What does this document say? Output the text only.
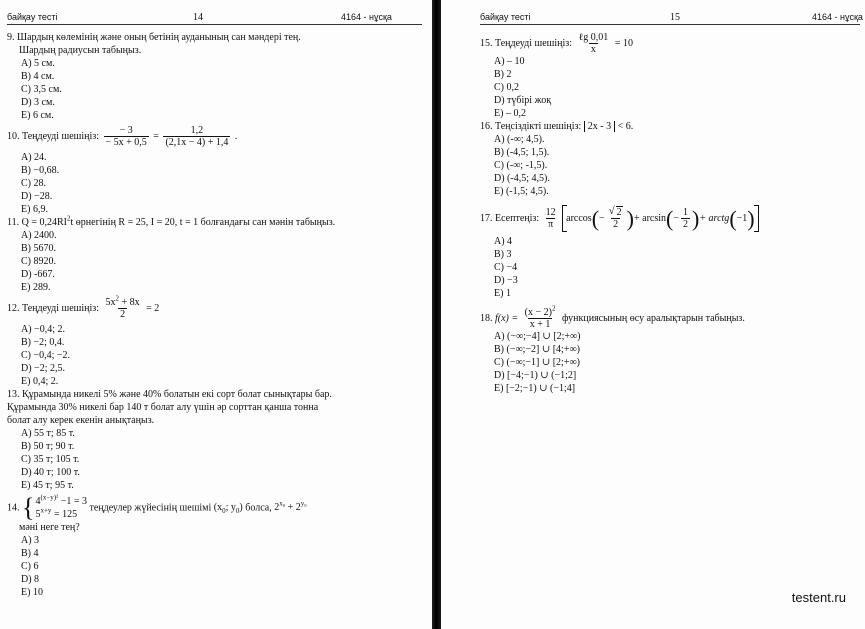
байқау тесті	14	4164 - нұсқа
9. Шардың көлемінің және оның бетінің ауданының сан мәндері тең.
Шардың радиусын табыңыз.
A) 5 см.
B) 4 см.
C) 3,5 см.
D) 3 см.
E) 6 см.
10. Теңдеуді шешіңіз: $\frac{- 3}{- 5x + 0,5} = \frac{1,2}{(2,1x - 4) + 1,4}$ .
A) 24.
B) −0,68.
C) 28.
D) −28.
E) 6,9.
11. $Q = 0,24RI^2t$ өрнегінің R = 25, I = 20, t = 1 болғандағы сан мәнін табыңыз.
A) 2400.
B) 5670.
C) 8920.
D) -667.
E) 289.
12. Теңдеуді шешіңіз: $\frac{5x^2 + 8x}{2} = 2$
A) −0,4; 2.
B) −2; 0,4.
C) −0,4; −2.
D) −2; 2,5.
E) 0,4; 2.
13. Құрамында никелі 5% және 40% болатын екі сорт болат сынықтары бар.
Құрамында 30% никелі бар 140 т болат алу үшін әр сорттан қанша тонна
болат алу керек екенін анықтаңыз.
A) 55 т; 85 т.
B) 50 т; 90 т.
C) 35 т; 105 т.
D) 40 т; 100 т.
E) 45 т; 95 т.
14. { $4^{(x-y)^2} -1 = 3$
$5^{x+y} = 125$
теңдеулер жүйесінің шешімі ($x_0$; $y_0$) болса, $2^{x_0} + 2^{y_0}$
мәні неге тең?
A) 3
B) 4
C) 6
D) 8
E) 10
байқау тесті	15	4164 - нұсқа
15. Теңдеуді шешіңіз: $\frac{\text{ℓg 0,01}}{x} = 10$
A) – 10
B) 2
C) 0,2
D) түбірі жоқ
E) – 0,2
16. Теңсіздікті шешіңіз: 2x - 3 < 6.
A) (-∞; 4,5).
B) (-4,5; 1,5).
C) (-∞; -1,5).
D) (-4,5; 4,5).
E) (-1,5; 4,5).
17. Есептеңіз: $\frac{12}{\pi}$
arccos ( − $\frac{√ 2}{2}$ ) + arcsin ( − $\frac{1}{2}$ ) + arctg ( −1 )
A) 4
B) 3
C) −4
D) −3
E) 1
18. $f(x) = \frac{(x - 2)^2}{x + 1}$ функциясының өсу аралықтарын табыңыз.
A) (−∞;−4] ∪ [2;+∞)
B) (−∞;−2] ∪ [4;+∞)
C) (−∞;−1] ∪ [2;+∞)
D) [−4;−1) ∪ (−1;2]
E) [−2;−1) ∪ (−1;4]
testent.ru
